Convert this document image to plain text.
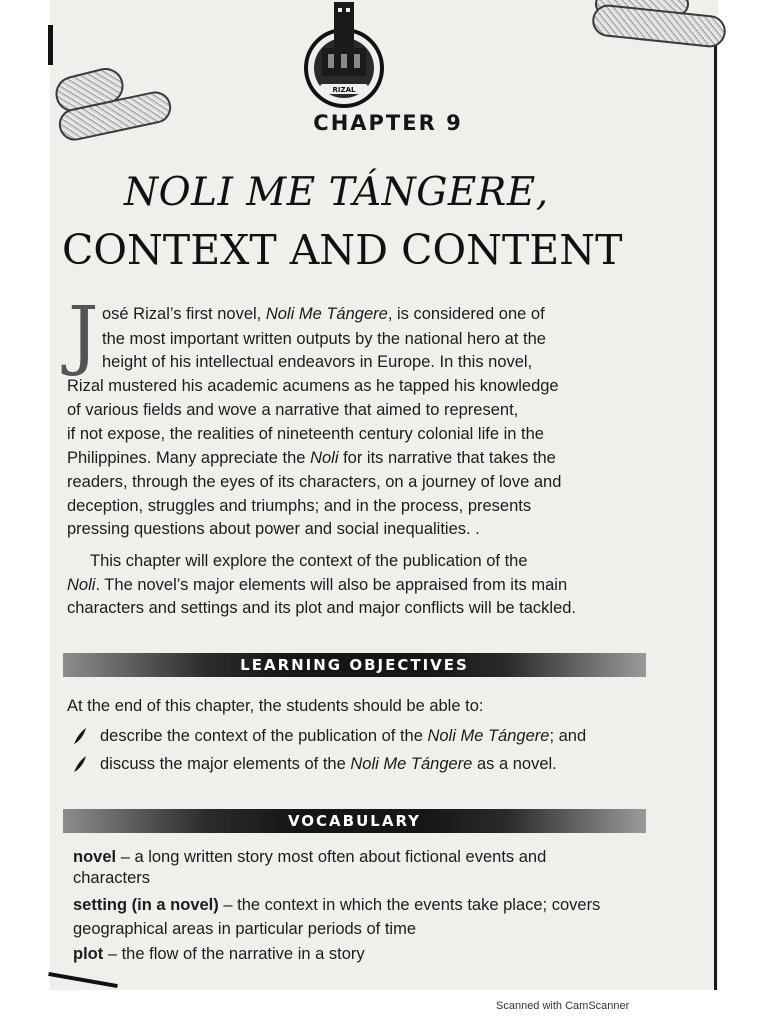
RIZAL
CHAPTER 9
NOLI ME TÁNGERE,
CONTEXT AND CONTENT
J osé Rizal’s first novel, Noli Me Tángere, is considered one of

the most important written outputs by the national hero at the

height of his intellectual endeavors in Europe. In this novel,

Rizal mustered his academic acumens as he tapped his knowledge

of various fields and wove a narrative that aimed to represent,

if not expose, the realities of nineteenth century colonial life in the

Philippines. Many appreciate the Noli for its narrative that takes the

readers, through the eyes of its characters, on a journey of love and

deception, struggles and triumphs; and in the process, presents

pressing questions about power and social inequalities. .

This chapter will explore the context of the publication of the

Noli. The novel’s major elements will also be appraised from its main

characters and settings and its plot and major conflicts will be tackled.

LEARNING OBJECTIVES

At the end of this chapter, the students should be able to:

describe the context of the publication of the Noli Me Tángere; and

discuss the major elements of the Noli Me Tángere as a novel.

VOCABULARY

novel – a long written story most often about fictional events and

characters

setting (in a novel) – the context in which the events take place; covers

geographical areas in particular periods of time

plot – the flow of the narrative in a story

Scanned with CamScanner
